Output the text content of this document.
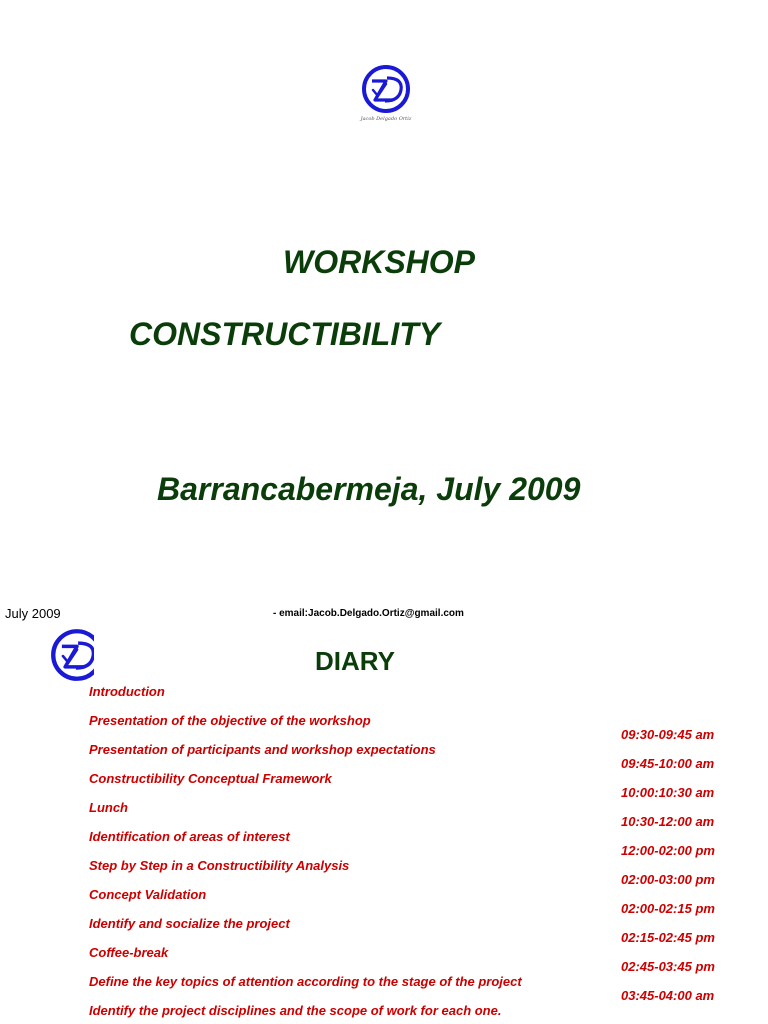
Jacob Delgado Ortiz
WORKSHOP
CONSTRUCTIBILITY
Barrancabermeja, July 2009
July 2009	- email:Jacob.Delgado.Ortiz@gmail.com
DIARY
Introduction
Presentation of the objective of the workshop
Presentation of participants and workshop expectations
Constructibility Conceptual Framework
Lunch
Identification of areas of interest
Step by Step in a Constructibility Analysis
Concept Validation
Identify and socialize the project
Coffee-break
Define the key topics of attention according to the stage of the project
Identify the project disciplines and the scope of work for each one.
09:30-09:45 am
09:45-10:00 am
10:00:10:30 am
10:30-12:00 am
12:00-02:00 pm
02:00-03:00 pm
02:00-02:15 pm
02:15-02:45 pm
02:45-03:45 pm
03:45-04:00 am
